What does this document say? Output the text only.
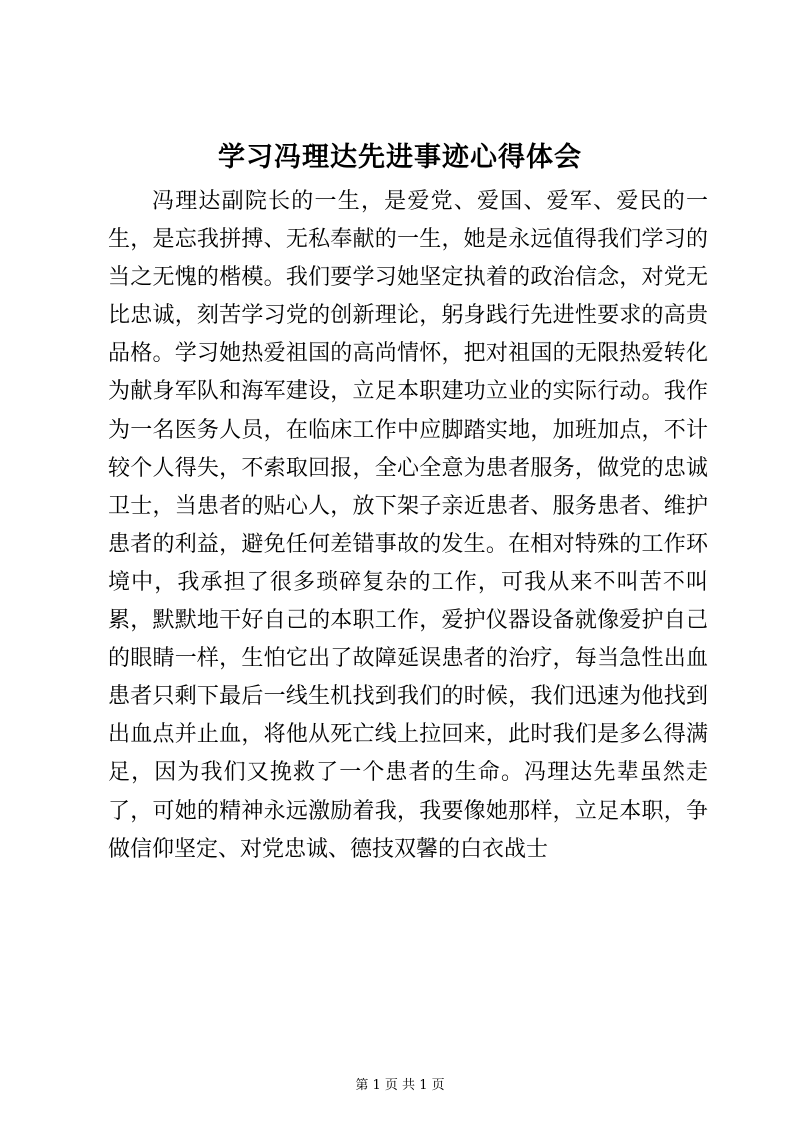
学习冯理达先进事迹心得体会

冯理达副院长的一生，是爱党、爱国、爱军、爱民的一生，是忘我拼搏、无私奉献的一生，她是永远值得我们学习的当之无愧的楷模。我们要学习她坚定执着的政治信念，对党无比忠诚，刻苦学习党的创新理论，躬身践行先进性要求的高贵品格。学习她热爱祖国的高尚情怀，把对祖国的无限热爱转化为献身军队和海军建设，立足本职建功立业的实际行动。我作为一名医务人员，在临床工作中应脚踏实地，加班加点，不计较个人得失，不索取回报，全心全意为患者服务，做党的忠诚卫士，当患者的贴心人，放下架子亲近患者、服务患者、维护患者的利益，避免任何差错事故的发生。在相对特殊的工作环境中，我承担了很多琐碎复杂的工作，可我从来不叫苦不叫累，默默地干好自己的本职工作，爱护仪器设备就像爱护自己的眼睛一样，生怕它出了故障延误患者的治疗，每当急性出血患者只剩下最后一线生机找到我们的时候，我们迅速为他找到出血点并止血，将他从死亡线上拉回来，此时我们是多么得满足，因为我们又挽救了一个患者的生命。冯理达先辈虽然走了，可她的精神永远激励着我，我要像她那样，立足本职，争做信仰坚定、对党忠诚、德技双馨的白衣战士

第 1 页 共 1 页
